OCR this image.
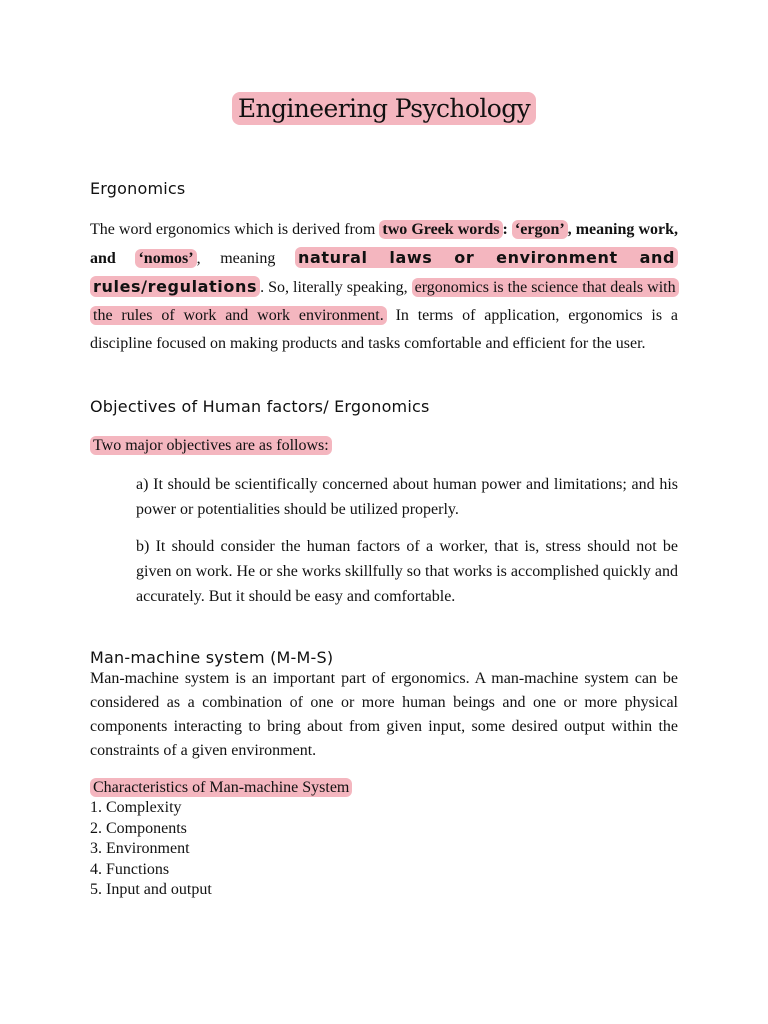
Engineering Psychology
Ergonomics

The word ergonomics which is derived from two Greek words : ‘ergon’ , meaning work, and ‘nomos’ , meaning natural laws or environment and rules/regulations . So, literally speaking, ergonomics is the science that deals with the rules of work and work environment. In terms of application, ergonomics is a discipline focused on making products and tasks comfortable and efficient for the user.

Objectives of Human factors/ Ergonomics

Two major objectives are as follows:

a) It should be scientifically concerned about human power and limitations; and his power or potentialities should be utilized properly.

b) It should consider the human factors of a worker, that is, stress should not be given on work. He or she works skillfully so that works is accomplished quickly and accurately. But it should be easy and comfortable.

Man-machine system (M-M-S)

Man-machine system is an important part of ergonomics. A man-machine system can be considered as a combination of one or more human beings and one or more physical components interacting to bring about from given input, some desired output within the constraints of a given environment.

Characteristics of Man-machine System

1. Complexity
2. Components
3. Environment
4. Functions
5. Input and output
